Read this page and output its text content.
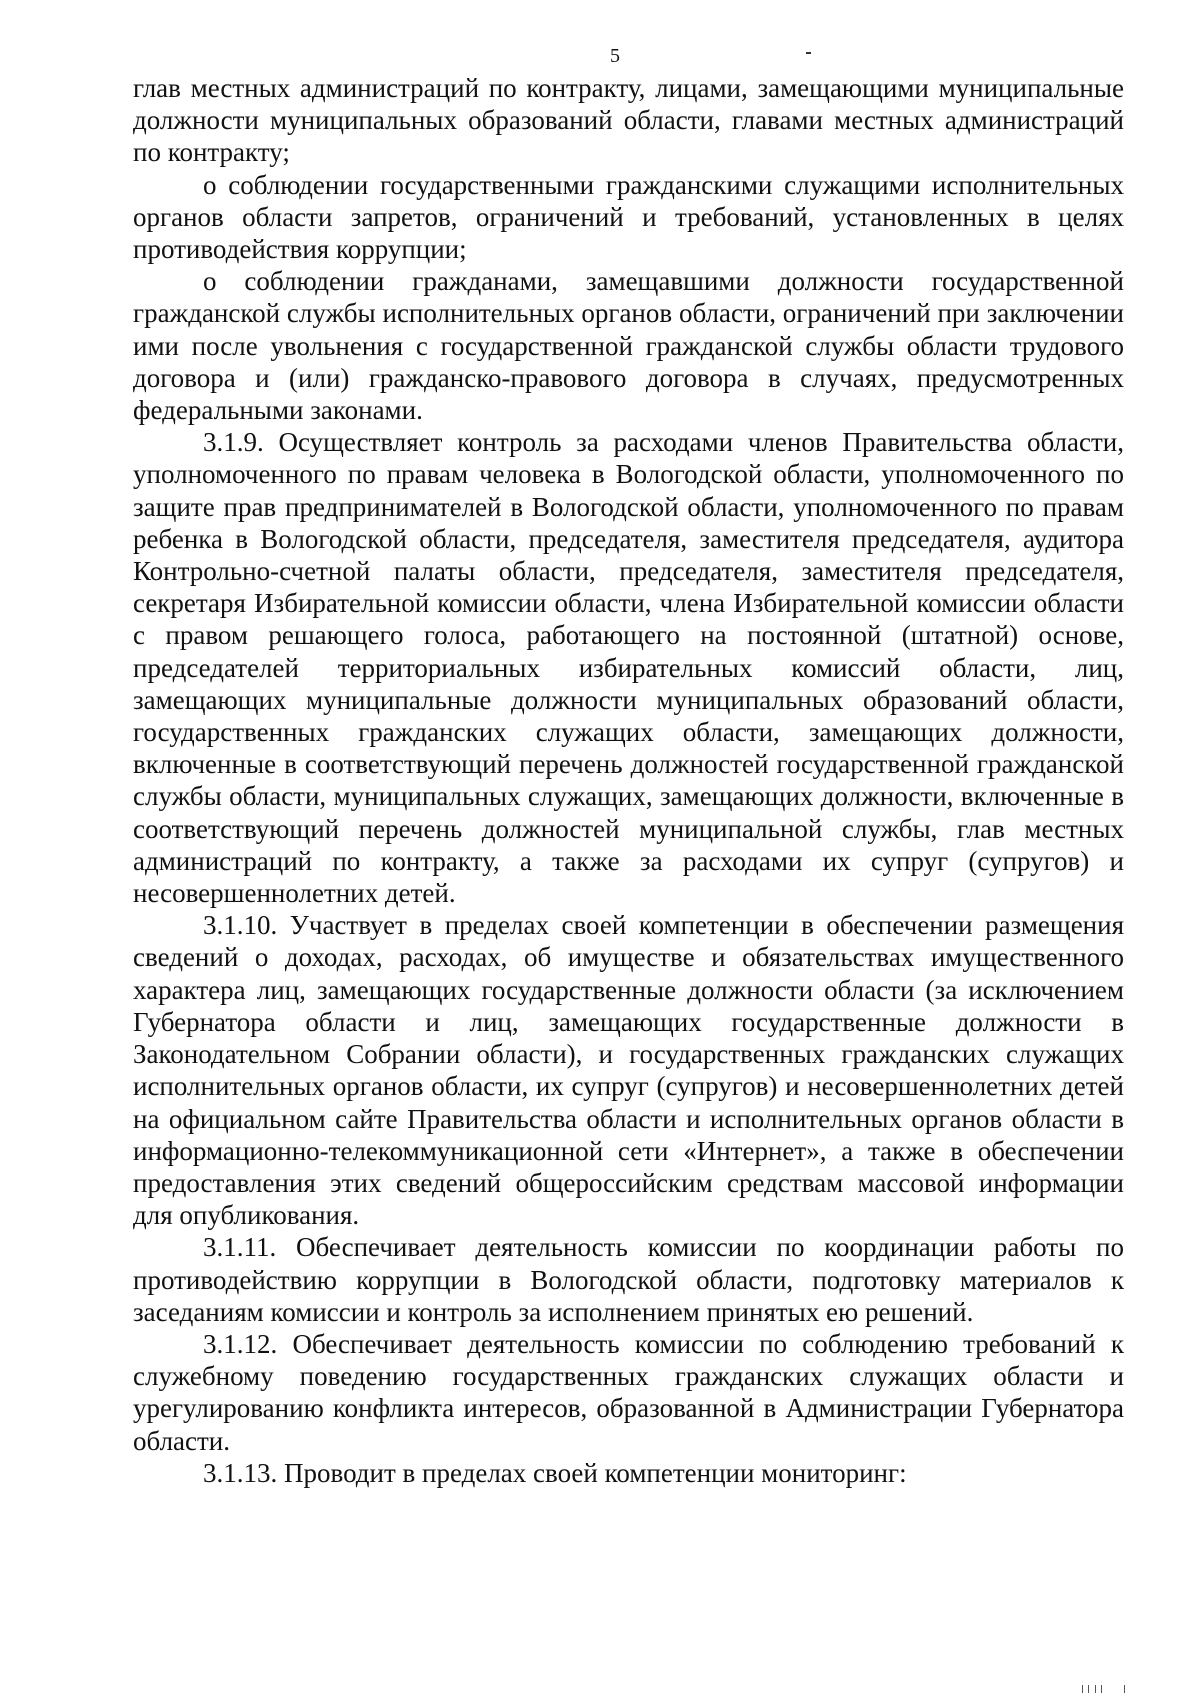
5

глав местных администраций по контракту, лицами, замещающими муниципальные должности муниципальных образований области, главами местных администраций по контракту;

о соблюдении государственными гражданскими служащими исполнительных органов области запретов, ограничений и требований, установленных в целях противодействия коррупции;

о соблюдении гражданами, замещавшими должности государственной гражданской службы исполнительных органов области, ограничений при заключении ими после увольнения с государственной гражданской службы области трудового договора и (или) гражданско-правового договора в случаях, предусмотренных федеральными законами.

3.1.9. Осуществляет контроль за расходами членов Правительства области, уполномоченного по правам человека в Вологодской области, уполномоченного по защите прав предпринимателей в Вологодской области, уполномоченного по правам ребенка в Вологодской области, председателя, заместителя председателя, аудитора Контрольно-счетной палаты области, председателя, заместителя председателя, секретаря Избирательной комиссии области, члена Избирательной комиссии области с правом решающего голоса, работающего на постоянной (штатной) основе, председателей территориальных избирательных комиссий области, лиц, замещающих муниципальные должности муниципальных образований области, государственных гражданских служащих области, замещающих должности, включенные в соответствующий перечень должностей государственной гражданской службы области, муниципальных служащих, замещающих должности, включенные в соответствующий перечень должностей муниципальной службы, глав местных администраций по контракту, а также за расходами их супруг (супругов) и несовершеннолетних детей.

3.1.10. Участвует в пределах своей компетенции в обеспечении размещения сведений о доходах, расходах, об имуществе и обязательствах имущественного характера лиц, замещающих государственные должности области (за исключением Губернатора области и лиц, замещающих государственные должности в Законодательном Собрании области), и государственных гражданских служащих исполнительных органов области, их супруг (супругов) и несовершеннолетних детей на официальном сайте Правительства области и исполнительных органов области в информационно-телекоммуникационной сети «Интернет», а также в обеспечении предоставления этих сведений общероссийским средствам массовой информации для опубликования.

3.1.11. Обеспечивает деятельность комиссии по координации работы по противодействию коррупции в Вологодской области, подготовку материалов к заседаниям комиссии и контроль за исполнением принятых ею решений.

3.1.12. Обеспечивает деятельность комиссии по соблюдению требований к служебному поведению государственных гражданских служащих области и урегулированию конфликта интересов, образованной в Администрации Губернатора области.

3.1.13. Проводит в пределах своей компетенции мониторинг:
